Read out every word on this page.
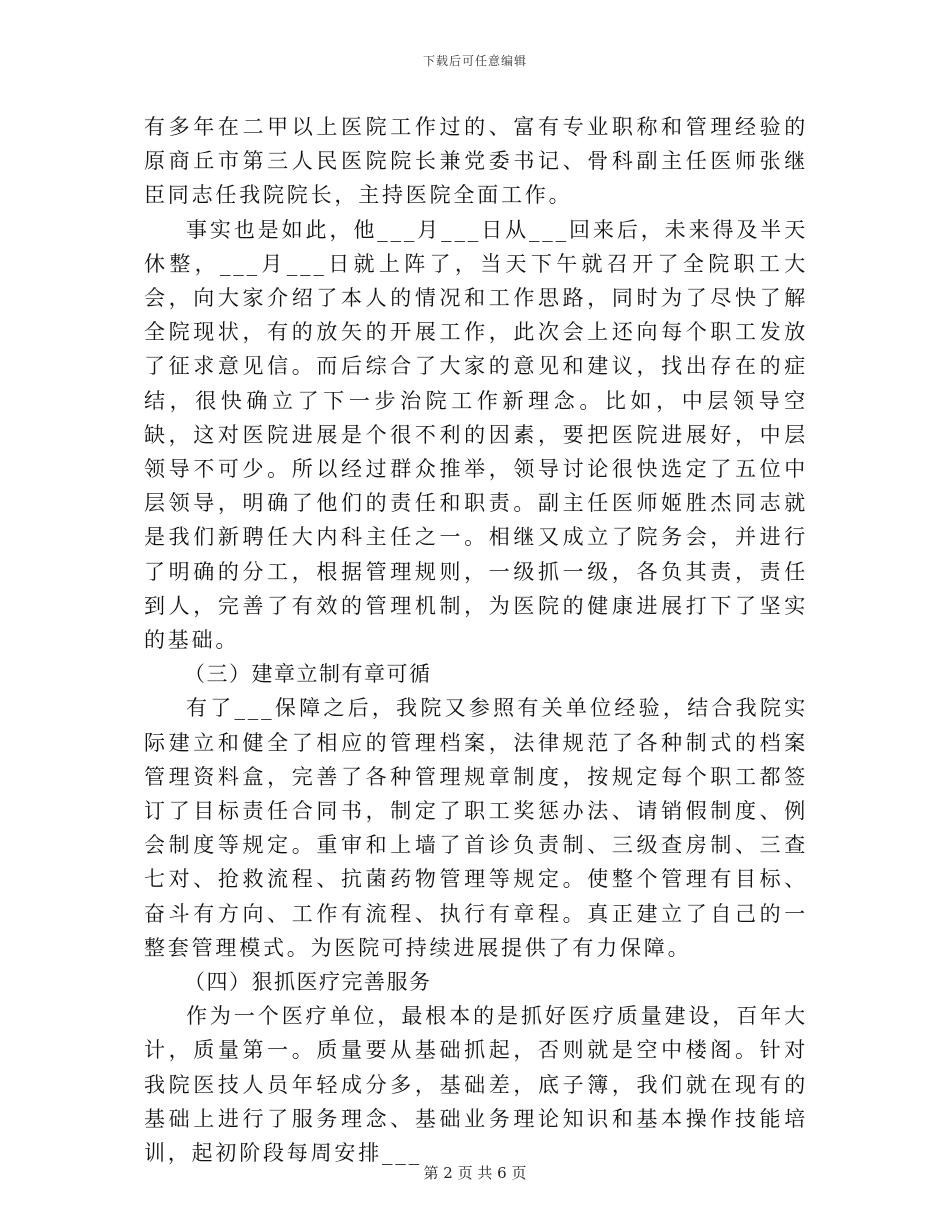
下载后可任意编辑

有多年在二甲以上医院工作过的、富有专业职称和管理经验的原商丘市第三人民医院院长兼党委书记、骨科副主任医师张继臣同志任我院院长，主持医院全面工作。

事实也是如此，他___月___日从___回来后，未来得及半天休整，___月___日就上阵了，当天下午就召开了全院职工大会，向大家介绍了本人的情况和工作思路，同时为了尽快了解全院现状，有的放矢的开展工作，此次会上还向每个职工发放了征求意见信。而后综合了大家的意见和建议，找出存在的症结，很快确立了下一步治院工作新理念。比如，中层领导空缺，这对医院进展是个很不利的因素，要把医院进展好，中层领导不可少。所以经过群众推举，领导讨论很快选定了五位中层领导，明确了他们的责任和职责。副主任医师姬胜杰同志就是我们新聘任大内科主任之一。相继又成立了院务会，并进行了明确的分工，根据管理规则，一级抓一级，各负其责，责任到人，完善了有效的管理机制，为医院的健康进展打下了坚实的基础。

（三）建章立制有章可循

有了___保障之后，我院又参照有关单位经验，结合我院实际建立和健全了相应的管理档案，法律规范了各种制式的档案管理资料盒，完善了各种管理规章制度，按规定每个职工都签订了目标责任合同书，制定了职工奖惩办法、请销假制度、例会制度等规定。重审和上墙了首诊负责制、三级查房制、三查七对、抢救流程、抗菌药物管理等规定。使整个管理有目标、奋斗有方向、工作有流程、执行有章程。真正建立了自己的一整套管理模式。为医院可持续进展提供了有力保障。

（四）狠抓医疗完善服务

作为一个医疗单位，最根本的是抓好医疗质量建设，百年大计，质量第一。质量要从基础抓起，否则就是空中楼阁。针对我院医技人员年轻成分多，基础差，底子簿，我们就在现有的基础上进行了服务理念、基础业务理论知识和基本操作技能培训，起初阶段每周安排___

第 2 页 共 6 页
